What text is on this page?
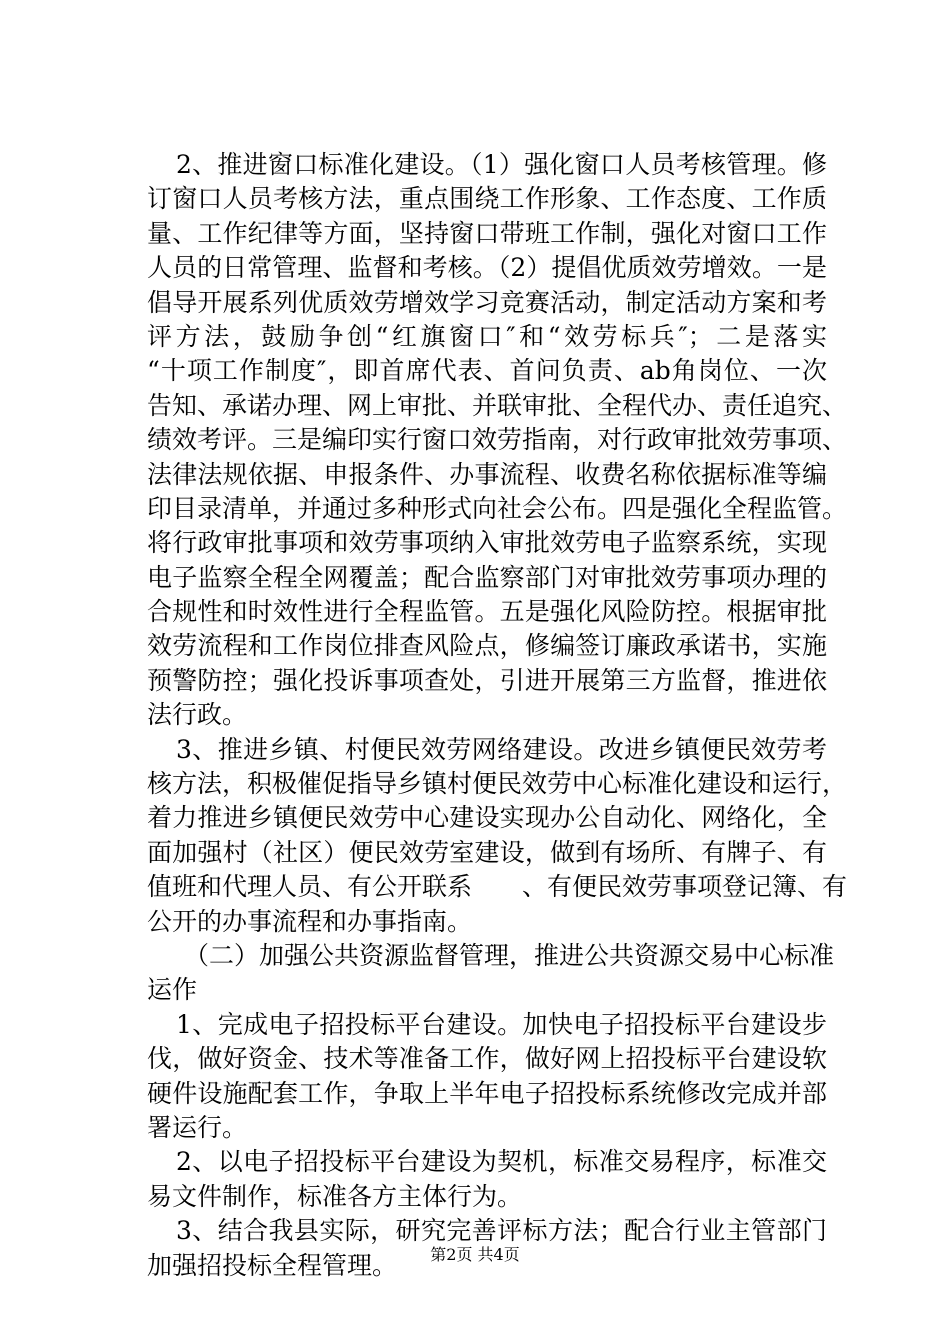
2、推进窗口标准化建设。（1）强化窗口人员考核管理。修
订窗口人员考核方法，重点围绕工作形象、工作态度、工作质
量、工作纪律等方面，坚持窗口带班工作制，强化对窗口工作
人员的日常管理、监督和考核。（2）提倡优质效劳增效。一是
倡导开展系列优质效劳增效学习竞赛活动，制定活动方案和考
评方法，鼓励争创“红旗窗口″和“效劳标兵″；二是落实
“十项工作制度″，即首席代表、首问负责、ab角岗位、一次
告知、承诺办理、网上审批、并联审批、全程代办、责任追究、
绩效考评。三是编印实行窗口效劳指南，对行政审批效劳事项、
法律法规依据、申报条件、办事流程、收费名称依据标准等编
印目录清单，并通过多种形式向社会公布。四是强化全程监管。
将行政审批事项和效劳事项纳入审批效劳电子监察系统，实现
电子监察全程全网覆盖；配合监察部门对审批效劳事项办理的
合规性和时效性进行全程监管。五是强化风险防控。根据审批
效劳流程和工作岗位排查风险点，修编签订廉政承诺书，实施
预警防控；强化投诉事项查处，引进开展第三方监督，推进依
法行政。
3、推进乡镇、村便民效劳网络建设。改进乡镇便民效劳考
核方法，积极催促指导乡镇村便民效劳中心标准化建设和运行，
着力推进乡镇便民效劳中心建设实现办公自动化、网络化，全
面加强村（社区）便民效劳室建设，做到有场所、有牌子、有
值班和代理人员、有公开联系　　、有便民效劳事项登记簿、有
公开的办事流程和办事指南。
（二）加强公共资源监督管理，推进公共资源交易中心标准
运作
1、完成电子招投标平台建设。加快电子招投标平台建设步
伐，做好资金、技术等准备工作，做好网上招投标平台建设软
硬件设施配套工作，争取上半年电子招投标系统修改完成并部
署运行。
2、以电子招投标平台建设为契机，标准交易程序，标准交
易文件制作，标准各方主体行为。
3、结合我县实际，研究完善评标方法；配合行业主管部门
加强招投标全程管理。	第2页 共4页
